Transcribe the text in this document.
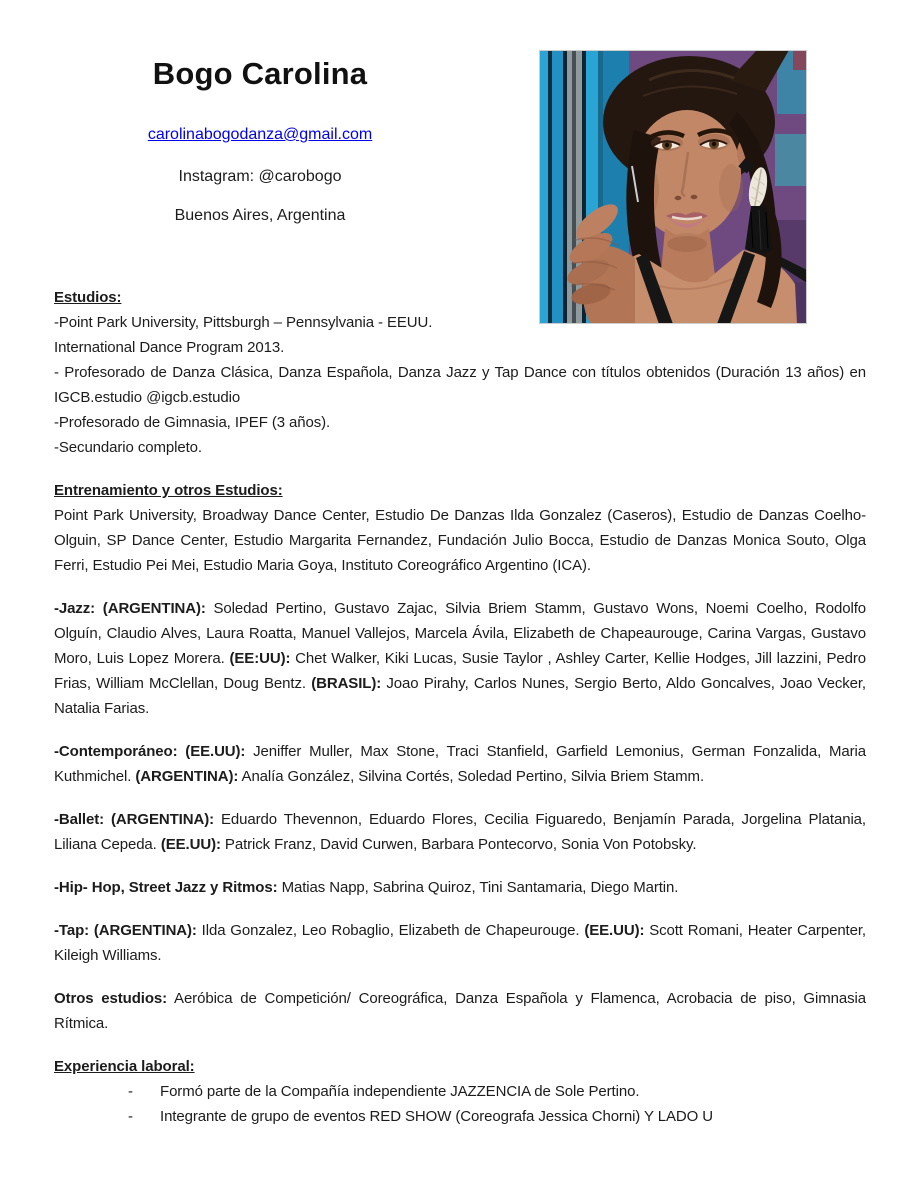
Bogo Carolina
carolinabogodanza@gmail.com
Instagram: @carobogo
Buenos Aires, Argentina
Estudios:
-Point Park University, Pittsburgh – Pennsylvania - EEUU.
International Dance Program 2013.

- Profesorado de Danza Clásica, Danza Española, Danza Jazz y Tap Dance con títulos obtenidos (Duración 13 años) en IGCB.estudio @igcb.estudio

-Profesorado de Gimnasia, IPEF (3 años).
-Secundario completo.
Entrenamiento y otros Estudios:

Point Park University, Broadway Dance Center, Estudio De Danzas Ilda Gonzalez (Caseros), Estudio de Danzas Coelho-Olguin, SP Dance Center, Estudio Margarita Fernandez, Fundación Julio Bocca, Estudio de Danzas Monica Souto, Olga Ferri, Estudio Pei Mei, Estudio Maria Goya, Instituto Coreográfico Argentino (ICA).

-Jazz: (ARGENTINA): Soledad Pertino, Gustavo Zajac, Silvia Briem Stamm, Gustavo Wons, Noemi Coelho, Rodolfo Olguín, Claudio Alves, Laura Roatta, Manuel Vallejos, Marcela Ávila, Elizabeth de Chapeaurouge, Carina Vargas, Gustavo Moro, Luis Lopez Morera. (EE:UU): Chet Walker, Kiki Lucas, Susie Taylor , Ashley Carter, Kellie Hodges, Jill lazzini, Pedro Frias, William McClellan, Doug Bentz. (BRASIL): Joao Pirahy, Carlos Nunes, Sergio Berto, Aldo Goncalves, Joao Vecker, Natalia Farias.

-Contemporáneo: (EE.UU): Jeniffer Muller, Max Stone, Traci Stanfield, Garfield Lemonius, German Fonzalida, Maria Kuthmichel. (ARGENTINA): Analía González, Silvina Cortés, Soledad Pertino, Silvia Briem Stamm.

-Ballet: (ARGENTINA): Eduardo Thevennon, Eduardo Flores, Cecilia Figuaredo, Benjamín Parada, Jorgelina Platania, Liliana Cepeda. (EE.UU): Patrick Franz, David Curwen, Barbara Pontecorvo, Sonia Von Potobsky.

-Hip- Hop, Street Jazz y Ritmos: Matias Napp, Sabrina Quiroz, Tini Santamaria, Diego Martin.

-Tap: (ARGENTINA): Ilda Gonzalez, Leo Robaglio, Elizabeth de Chapeurouge. (EE.UU): Scott Romani, Heater Carpenter, Kileigh Williams.

Otros estudios: Aeróbica de Competición/ Coreográfica, Danza Española y Flamenca, Acrobacia de piso, Gimnasia Rítmica.

Experiencia laboral:
-	Formó parte de la Compañía independiente JAZZENCIA de Sole Pertino.
-	Integrante de grupo de eventos RED SHOW (Coreografa Jessica Chorni) Y LADO U
